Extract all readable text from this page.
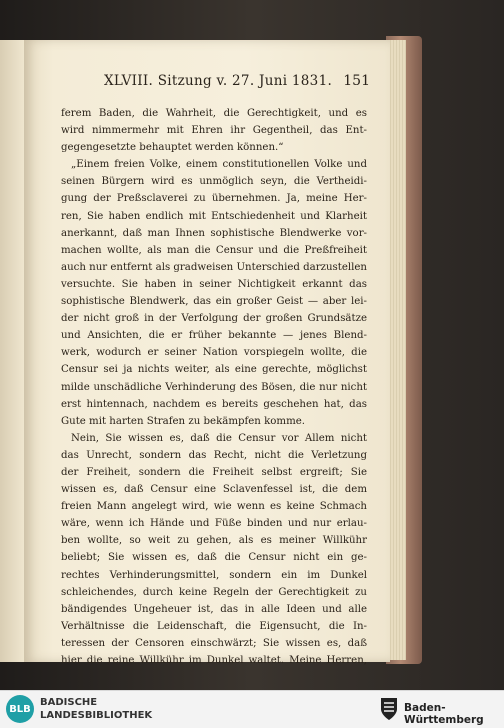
XLVIII. Sitzung v. 27. Juni 1831. 151
ferem Baden, die Wahrheit, die Gerechtigkeit, und es
wird nimmermehr mit Ehren ihr Gegentheil, das Ent-
gegengesetzte behauptet werden können.“
„Einem freien Volke, einem constitutionellen Volke und
seinen Bürgern wird es unmöglich seyn, die Vertheidi-
gung der Preßsclaverei zu übernehmen. Ja, meine Her-
ren, Sie haben endlich mit Entschiedenheit und Klarheit
anerkannt, daß man Ihnen sophistische Blendwerke vor-
machen wollte, als man die Censur und die Preßfreiheit
auch nur entfernt als gradweisen Unterschied darzustellen
versuchte. Sie haben in seiner Nichtigkeit erkannt das
sophistische Blendwerk, das ein großer Geist — aber lei-
der nicht groß in der Verfolgung der großen Grundsätze
und Ansichten, die er früher bekannte — jenes Blend-
werk, wodurch er seiner Nation vorspiegeln wollte, die
Censur sei ja nichts weiter, als eine gerechte, möglichst
milde unschädliche Verhinderung des Bösen, die nur nicht
erst hintennach, nachdem es bereits geschehen hat, das
Gute mit harten Strafen zu bekämpfen komme.
Nein, Sie wissen es, daß die Censur vor Allem nicht
das Unrecht, sondern das Recht, nicht die Verletzung
der Freiheit, sondern die Freiheit selbst ergreift; Sie
wissen es, daß Censur eine Sclavenfessel ist, die dem
freien Mann angelegt wird, wie wenn es keine Schmach
wäre, wenn ich Hände und Füße binden und nur erlau-
ben wollte, so weit zu gehen, als es meiner Willkühr
beliebt; Sie wissen es, daß die Censur nicht ein ge-
rechtes Verhinderungsmittel, sondern ein im Dunkel
schleichendes, durch keine Regeln der Gerechtigkeit zu
bändigendes Ungeheuer ist, das in alle Ideen und alle
Verhältnisse die Leidenschaft, die Eigensucht, die In-
teressen der Censoren einschwärzt; Sie wissen es, daß
hier die reine Willkühr im Dunkel waltet. Meine Herren,
BLB
BADISCHE
LANDESBIBLIOTHEK
Baden-Württemberg
